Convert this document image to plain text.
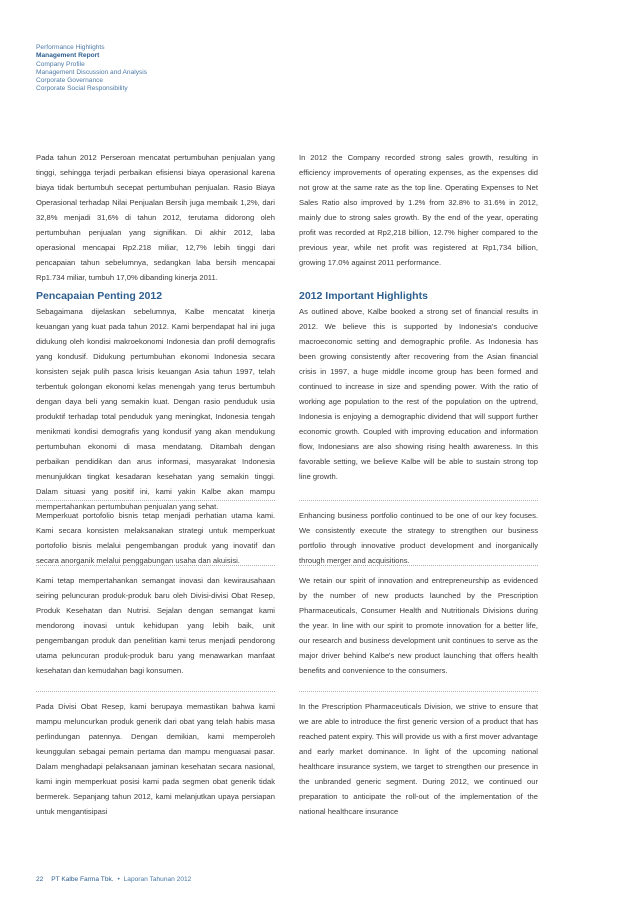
Performance Highlights
Management Report
Company Profile
Management Discussion and Analysis
Corporate Governance
Corporate Social Responsibility

Pada tahun 2012 Perseroan mencatat pertumbuhan penjualan yang tinggi, sehingga terjadi perbaikan efisiensi biaya operasional karena biaya tidak bertumbuh secepat pertumbuhan penjualan. Rasio Biaya Operasional terhadap Nilai Penjualan Bersih juga membaik 1,2%, dari 32,8% menjadi 31,6% di tahun 2012, terutama didorong oleh pertumbuhan penjualan yang signifikan. Di akhir 2012, laba operasional mencapai Rp2.218 miliar, 12,7% lebih tinggi dari pencapaian tahun sebelumnya, sedangkan laba bersih mencapai Rp1.734 miliar, tumbuh 17,0% dibanding kinerja 2011.

Pencapaian Penting 2012

Sebagaimana dijelaskan sebelumnya, Kalbe mencatat kinerja keuangan yang kuat pada tahun 2012. Kami berpendapat hal ini juga didukung oleh kondisi makroekonomi Indonesia dan profil demografis yang kondusif. Didukung pertumbuhan ekonomi Indonesia secara konsisten sejak pulih pasca krisis keuangan Asia tahun 1997, telah terbentuk golongan ekonomi kelas menengah yang terus bertumbuh dengan daya beli yang semakin kuat. Dengan rasio penduduk usia produktif terhadap total penduduk yang meningkat, Indonesia tengah menikmati kondisi demografis yang kondusif yang akan mendukung pertumbuhan ekonomi di masa mendatang. Ditambah dengan perbaikan pendidikan dan arus informasi, masyarakat Indonesia menunjukkan tingkat kesadaran kesehatan yang semakin tinggi. Dalam situasi yang positif ini, kami yakin Kalbe akan mampu mempertahankan pertumbuhan penjualan yang sehat.

Memperkuat portofolio bisnis tetap menjadi perhatian utama kami. Kami secara konsisten melaksanakan strategi untuk memperkuat portofolio bisnis melalui pengembangan produk yang inovatif dan secara anorganik melalui penggabungan usaha dan akuisisi.

Kami tetap mempertahankan semangat inovasi dan kewirausahaan seiring peluncuran produk-produk baru oleh Divisi-divisi Obat Resep, Produk Kesehatan dan Nutrisi. Sejalan dengan semangat kami mendorong inovasi untuk kehidupan yang lebih baik, unit pengembangan produk dan penelitian kami terus menjadi pendorong utama peluncuran produk-produk baru yang menawarkan manfaat kesehatan dan kemudahan bagi konsumen.

Pada Divisi Obat Resep, kami berupaya memastikan bahwa kami mampu meluncurkan produk generik dari obat yang telah habis masa perlindungan patennya. Dengan demikian, kami memperoleh keunggulan sebagai pemain pertama dan mampu menguasai pasar. Dalam menghadapi pelaksanaan jaminan kesehatan secara nasional, kami ingin memperkuat posisi kami pada segmen obat generik tidak bermerek. Sepanjang tahun 2012, kami melanjutkan upaya persiapan untuk mengantisipasi

In 2012 the Company recorded strong sales growth, resulting in efficiency improvements of operating expenses, as the expenses did not grow at the same rate as the top line. Operating Expenses to Net Sales Ratio also improved by 1.2% from 32.8% to 31.6% in 2012, mainly due to strong sales growth. By the end of the year, operating profit was recorded at Rp2,218 billion, 12.7% higher compared to the previous year, while net profit was registered at Rp1,734 billion, growing 17.0% against 2011 performance.

2012 Important Highlights

As outlined above, Kalbe booked a strong set of financial results in 2012. We believe this is supported by Indonesia's conducive macroeconomic setting and demographic profile. As Indonesia has been growing consistently after recovering from the Asian financial crisis in 1997, a huge middle income group has been formed and continued to increase in size and spending power. With the ratio of working age population to the rest of the population on the uptrend, Indonesia is enjoying a demographic dividend that will support further economic growth. Coupled with improving education and information flow, Indonesians are also showing rising health awareness. In this favorable setting, we believe Kalbe will be able to sustain strong top line growth.

Enhancing business portfolio continued to be one of our key focuses. We consistently execute the strategy to strengthen our business portfolio through innovative product development and inorganically through merger and acquisitions.

We retain our spirit of innovation and entrepreneurship as evidenced by the number of new products launched by the Prescription Pharmaceuticals, Consumer Health and Nutritionals Divisions during the year. In line with our spirit to promote innovation for a better life, our research and business development unit continues to serve as the major driver behind Kalbe's new product launching that offers health benefits and convenience to the consumers.

In the Prescription Pharmaceuticals Division, we strive to ensure that we are able to introduce the first generic version of a product that has reached patent expiry. This will provide us with a first mover advantage and early market dominance. In light of the upcoming national healthcare insurance system, we target to strengthen our presence in the unbranded generic segment. During 2012, we continued our preparation to anticipate the roll-out of the implementation of the national healthcare insurance

22 PT Kalbe Farma Tbk. • Laporan Tahunan 2012
